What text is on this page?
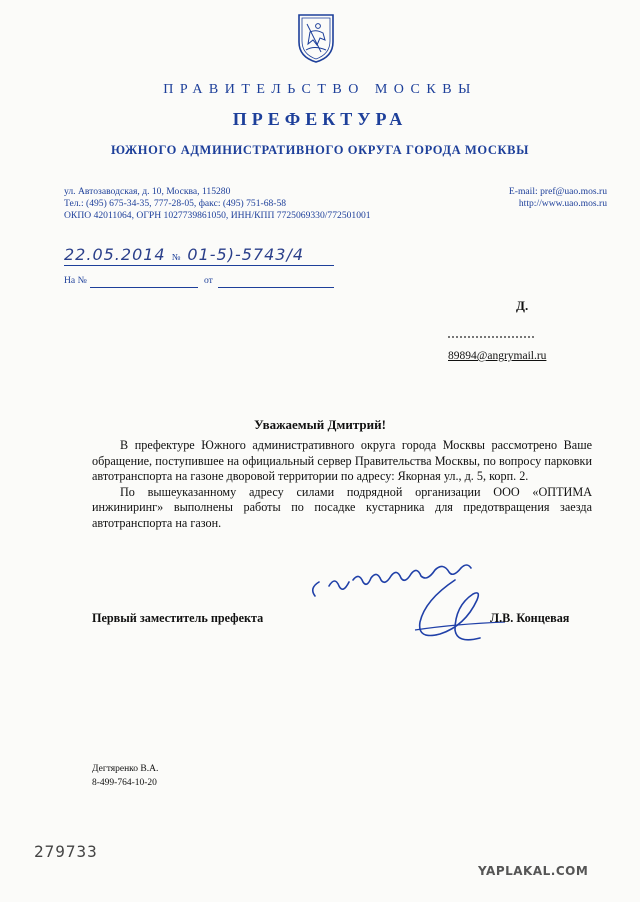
ПРАВИТЕЛЬСТВО МОСКВЫ
ПРЕФЕКТУРА
ЮЖНОГО АДМИНИСТРАТИВНОГО ОКРУГА ГОРОДА МОСКВЫ
ул. Автозаводская, д. 10, Москва, 115280
Тел.: (495) 675-34-35, 777-28-05, факс: (495) 751-68-58
ОКПО 42011064, ОГРН 1027739861050, ИНН/КПП 7725069330/772501001
E-mail: pref@uao.mos.ru
http://www.uao.mos.ru
22.05.2014 № 01-5)-5743/4
На №	от
Д.
89894@angrymail.ru
Уважаемый Дмитрий!

В префектуре Южного административного округа города Москвы рассмотрено Ваше обращение, поступившее на официальный сервер Правительства Москвы, по вопросу парковки автотранспорта на газоне дворовой территории по адресу: Якорная ул., д. 5, корп. 2.

По вышеуказанному адресу силами подрядной организации ООО «ОПТИМА инжиниринг» выполнены работы по посадке кустарника для предотвращения заезда автотранспорта на газон.

Первый заместитель префекта	Л.В. Концевая
Дегтяренко В.А.
8-499-764-10-20
279733
YAPLAKAL.COM
